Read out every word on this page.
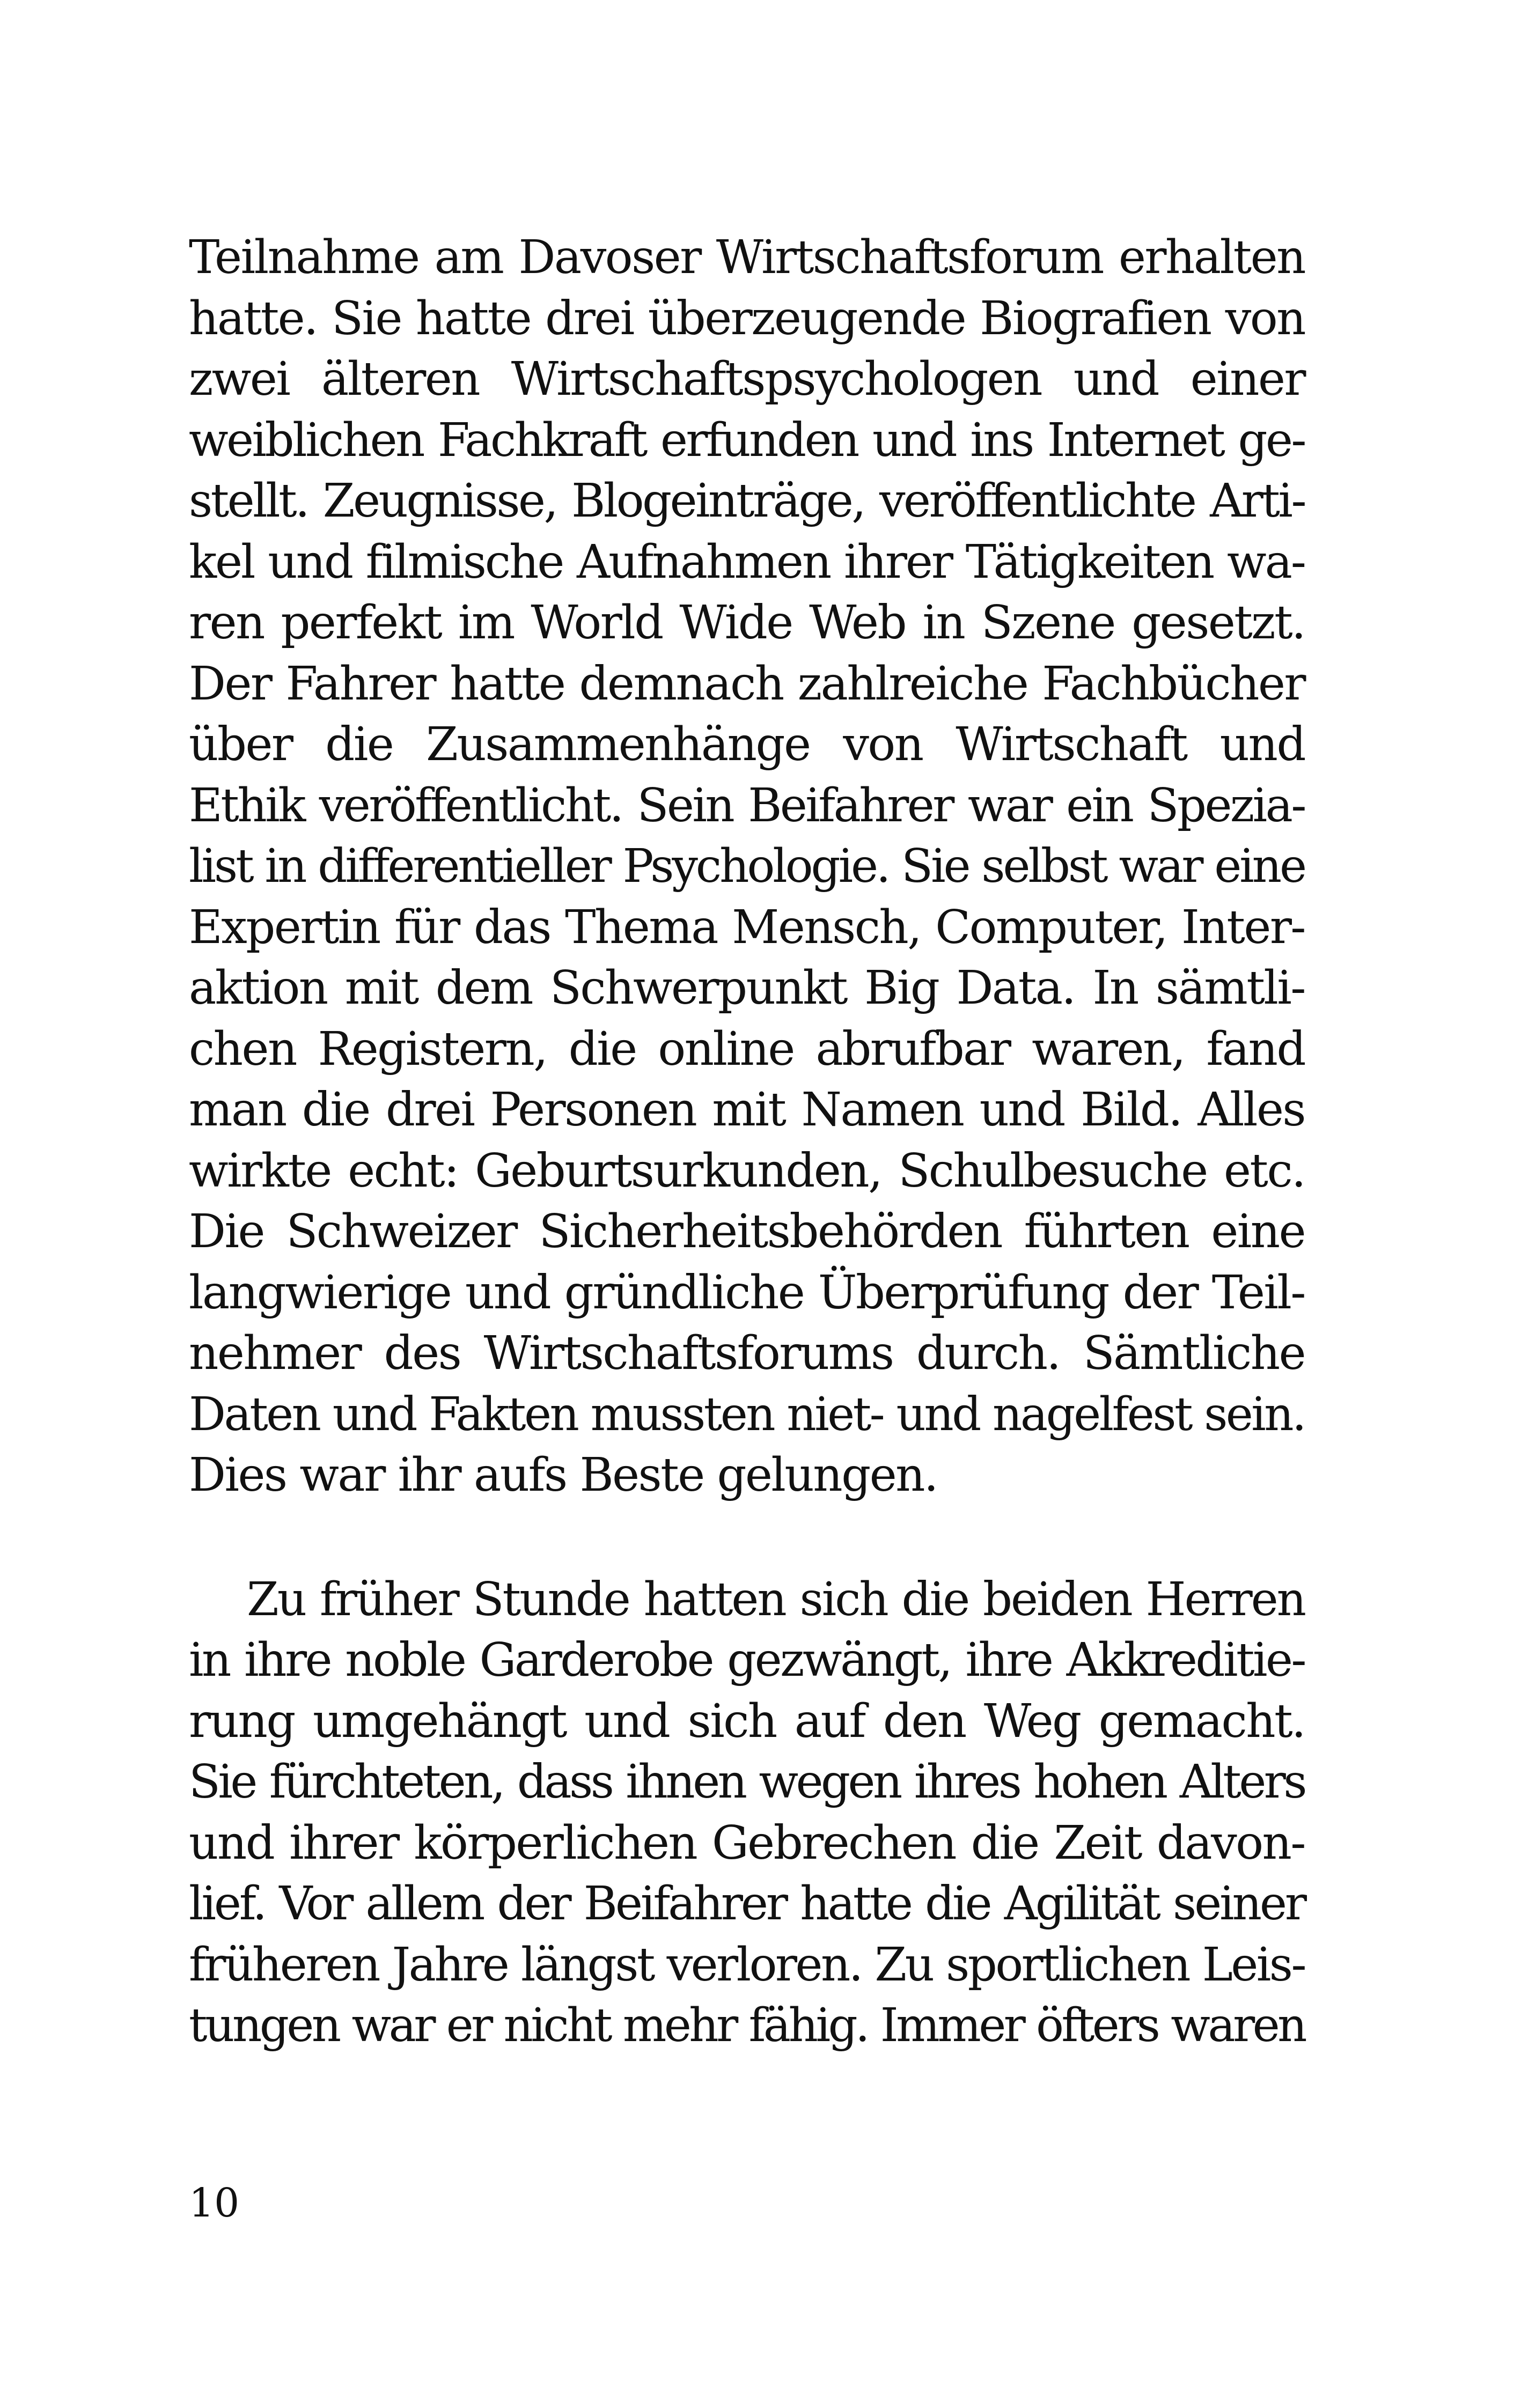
Teilnahme am Davoser Wirtschaftsforum erhalten
hatte. Sie hatte drei überzeugende Biografien von
zwei älteren Wirtschaftspsychologen und einer
weiblichen Fachkraft erfunden und ins Internet ge-
stellt. Zeugnisse, Blogeinträge, veröffentlichte Arti-
kel und filmische Aufnahmen ihrer Tätigkeiten wa-
ren perfekt im World Wide Web in Szene gesetzt.
Der Fahrer hatte demnach zahlreiche Fachbücher
über die Zusammenhänge von Wirtschaft und
Ethik veröffentlicht. Sein Beifahrer war ein Spezia-
list in differentieller Psychologie. Sie selbst war eine
Expertin für das Thema Mensch, Computer, Inter-
aktion mit dem Schwerpunkt Big Data. In sämtli-
chen Registern, die online abrufbar waren, fand
man die drei Personen mit Namen und Bild. Alles
wirkte echt: Geburtsurkunden, Schulbesuche etc.
Die Schweizer Sicherheitsbehörden führten eine
langwierige und gründliche Überprüfung der Teil-
nehmer des Wirtschaftsforums durch. Sämtliche
Daten und Fakten mussten niet- und nagelfest sein.
Dies war ihr aufs Beste gelungen.
Zu früher Stunde hatten sich die beiden Herren
in ihre noble Garderobe gezwängt, ihre Akkreditie-
rung umgehängt und sich auf den Weg gemacht.
Sie fürchteten, dass ihnen wegen ihres hohen Alters
und ihrer körperlichen Gebrechen die Zeit davon-
lief. Vor allem der Beifahrer hatte die Agilität seiner
früheren Jahre längst verloren. Zu sportlichen Leis-
tungen war er nicht mehr fähig. Immer öfters waren
10
